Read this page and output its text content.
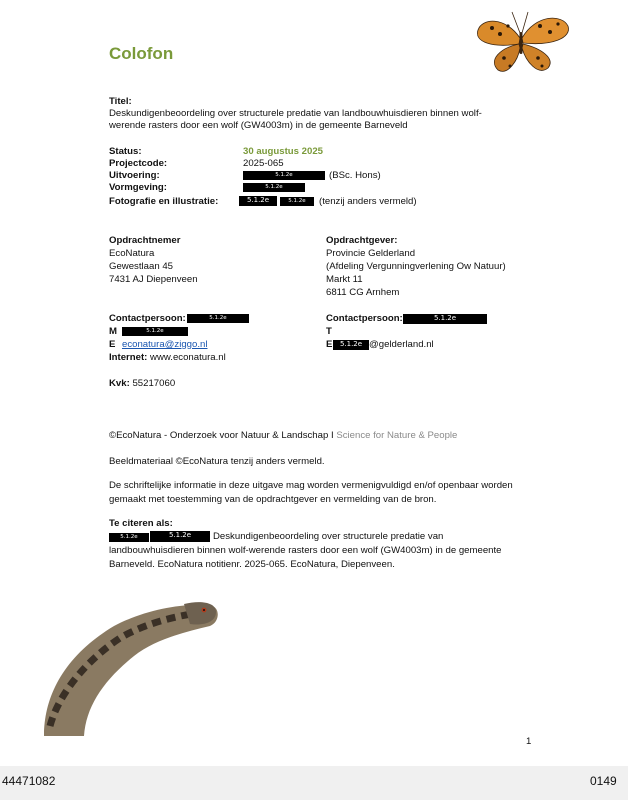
Colofon
Titel:
Deskundigenbeoordeling over structurele predatie van landbouwhuisdieren binnen wolf-
werende rasters door een wolf (GW4003m) in de gemeente Barneveld
Status:	30 augustus 2025
Projectcode:	2025-065
Uitvoering:	5.1.2e	(BSc. Hons)
Vormgeving:	5.1.2e
Fotografie en illustratie:	5.1.2e	5.1.2e	(tenzij anders vermeld)
Opdrachtnemer
EcoNatura
Gewestlaan 45
7431 AJ Diepenveen
Opdrachtgever:
Provincie Gelderland
(Afdeling Vergunningverlening Ow Natuur)
Markt 11
6811 CG Arnhem
Contactpersoon:	5.1.2e
M	5.1.2e
E econatura@ziggo.nl
Internet: www.econatura.nl
Contactpersoon:	5.1.2e
T
E	5.1.2e @gelderland.nl
Kvk: 55217060
©EcoNatura - Onderzoek voor Natuur & Landschap I Science for Nature & People
Beeldmateriaal ©EcoNatura tenzij anders vermeld.
De schriftelijke informatie in deze uitgave mag worden vermenigvuldigd en/of openbaar worden gemaakt met toestemming van de opdrachtgever en vermelding van de bron.
Te citeren als:
5.1.2e	5.1.2e	Deskundigenbeoordeling over structurele predatie van
landbouwhuisdieren binnen wolf-werende rasters door een wolf (GW4003m) in de gemeente Barneveld. EcoNatura notitienr. 2025-065. EcoNatura, Diepenveen.
1
44471082	0149
